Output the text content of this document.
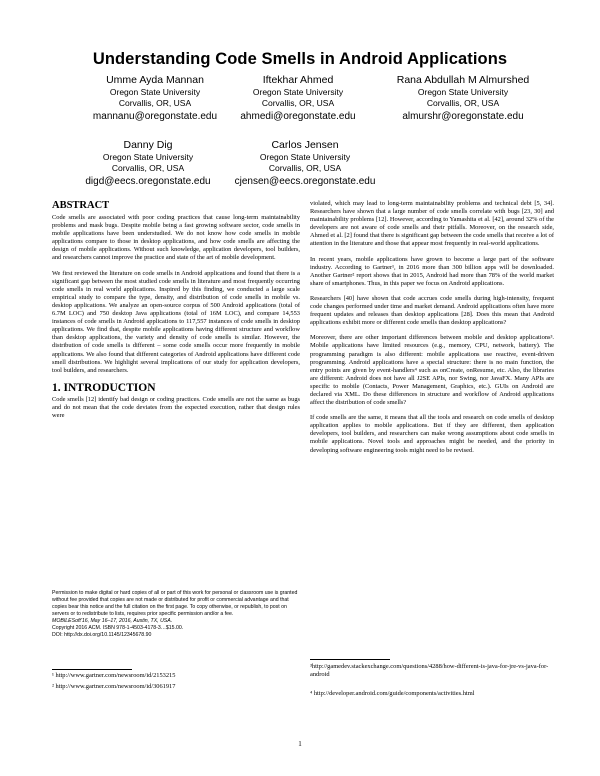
Understanding Code Smells in Android Applications
Umme Ayda Mannan
Oregon State University
Corvallis, OR, USA
mannanu@oregonstate.edu
Iftekhar Ahmed
Oregon State University
Corvallis, OR, USA
ahmedi@oregonstate.edu
Rana Abdullah M Almurshed
Oregon State University
Corvallis, OR, USA
almurshr@oregonstate.edu
Danny Dig
Oregon State University
Corvallis, OR, USA
digd@eecs.oregonstate.edu
Carlos Jensen
Oregon State University
Corvallis, OR, USA
cjensen@eecs.oregonstate.edu
ABSTRACT

Code smells are associated with poor coding practices that cause long-term maintainability problems and mask bugs. Despite mobile being a fast growing software sector, code smells in mobile applications have been understudied. We do not know how code smells in mobile applications compare to those in desktop applications, and how code smells are affecting the design of mobile applications. Without such knowledge, application developers, tool builders, and researchers cannot improve the practice and state of the art of mobile development.

We first reviewed the literature on code smells in Android applications and found that there is a significant gap between the most studied code smells in literature and most frequently occurring code smells in real world applications. Inspired by this finding, we conducted a large scale empirical study to compare the type, density, and distribution of code smells in mobile vs. desktop applications. We analyze an open-source corpus of 500 Android applications (total of 6.7M LOC) and 750 desktop Java applications (total of 16M LOC), and compare 14,553 instances of code smells in Android applications to 117,557 instances of code smells in desktop applications. We find that, despite mobile applications having different structure and workflow than desktop applications, the variety and density of code smells is similar. However, the distribution of code smells is different – some code smells occur more frequently in mobile applications. We also found that different categories of Android applications have different code smell distributions. We highlight several implications of our study for application developers, tool builders, and researchers.

1. INTRODUCTION

Code smells [12] identify bad design or coding practices. Code smells are not the same as bugs and do not mean that the code deviates from the expected execution, rather that design rules were

Permission to make digital or hard copies of all or part of this work for personal or classroom use is granted without fee provided that copies are not made or distributed for profit or commercial advantage and that copies bear this notice and the full citation on the first page. To copy otherwise, or republish, to post on servers or to redistribute to lists, requires prior specific permission and/or a fee.
MOBILESoft'16, May 16–17, 2016, Austin, TX, USA.
Copyright 2016 ACM. ISBN 978-1-4503-4178-3…$15.00.
DOI: http://dx.doi.org/10.1145/12345678.90
¹ http://www.gartner.com/newsroom/id/2153215
² http://www.gartner.com/newsroom/id/3061917

violated, which may lead to long-term maintainability problems and technical debt [5, 34]. Researchers have shown that a large number of code smells correlate with bugs [23, 30] and maintainability problems [12]. However, according to Yamashita et al. [42], around 32% of the developers are not aware of code smells and their pitfalls. Moreover, on the research side, Ahmed et al. [2] found that there is significant gap between the code smells that receive a lot of attention in the literature and those that appear most frequently in real-world applications.

In recent years, mobile applications have grown to become a large part of the software industry. According to Gartner¹, in 2016 more than 300 billion apps will be downloaded. Another Gartner² report shows that in 2015, Android had more than 78% of the world market share of smartphones. Thus, in this paper we focus on Android applications.

Researchers [40] have shown that code accrues code smells during high-intensity, frequent code changes performed under time and market demand. Android applications often have more frequent updates and releases than desktop applications [28]. Does this mean that Android applications exhibit more or different code smells than desktop applications?

Moreover, there are other important differences between mobile and desktop applications³. Mobile applications have limited resources (e.g., memory, CPU, network, battery). The programming paradigm is also different: mobile applications use reactive, event-driven programming. Android applications have a special structure: there is no main function, the entry points are given by event-handlers⁴ such as onCreate, onResume, etc. Also, the libraries are different: Android does not have all J2SE APIs, nor Swing, nor JavaFX. Many APIs are specific to mobile (Contacts, Power Management, Graphics, etc.). GUIs on Android are declared via XML. Do these differences in structure and workflow of Android applications affect the distribution of code smells?

If code smells are the same, it means that all the tools and research on code smells of desktop application applies to mobile applications. But if they are different, then application developers, tool builders, and researchers can make wrong assumptions about code smells in mobile applications. Novel tools and approaches might be needed, and the priority in developing software engineering tools might need to be revised.

³http://gamedev.stackexchange.com/questions/4288/how-different-is-java-for-jre-vs-java-for-android
⁴ http://developer.android.com/guide/components/activities.html
1
